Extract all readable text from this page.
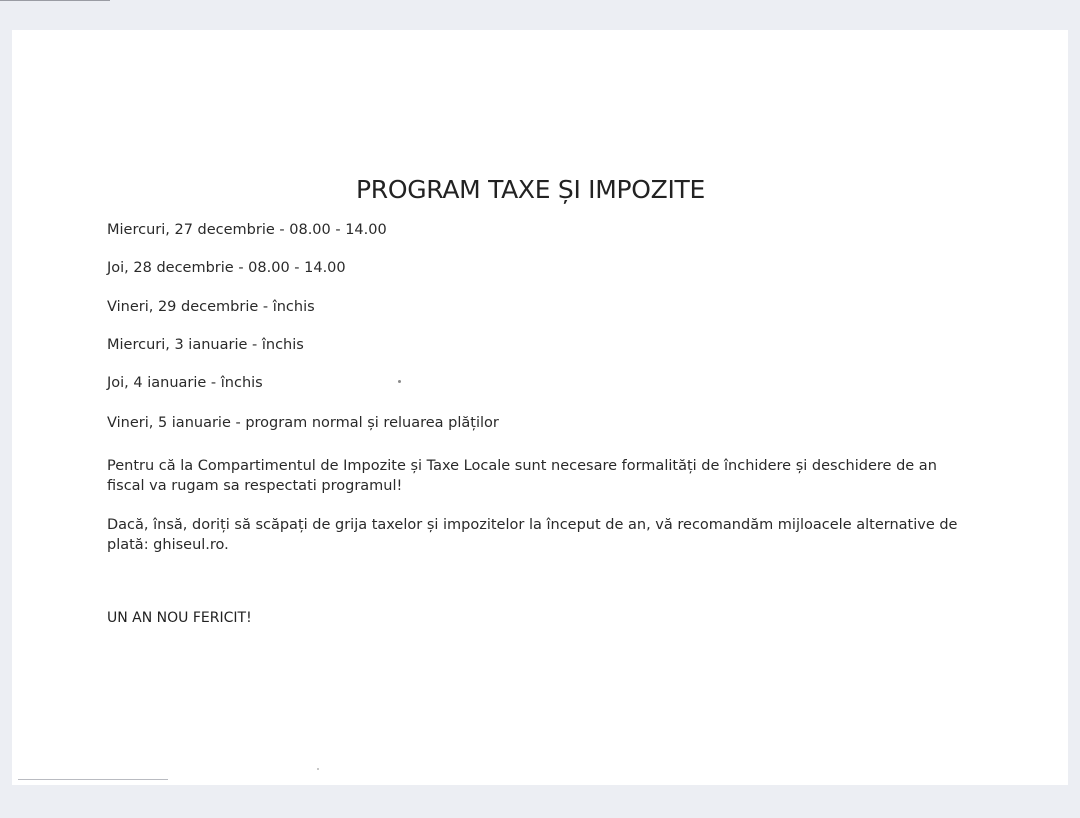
PROGRAM TAXE ȘI IMPOZITE
Miercuri, 27 decembrie - 08.00 - 14.00
Joi, 28 decembrie - 08.00 - 14.00
Vineri, 29 decembrie - închis
Miercuri, 3 ianuarie - închis
Joi, 4 ianuarie - închis
Vineri, 5 ianuarie - program normal și reluarea plăților
Pentru că la Compartimentul de Impozite și Taxe Locale sunt necesare formalități de închidere și deschidere de an fiscal va rugam sa respectati programul!
Dacă, însă, doriți să scăpați de grija taxelor și impozitelor la început de an, vă recomandăm mijloacele alternative de plată: ghiseul.ro.
UN AN NOU FERICIT!
